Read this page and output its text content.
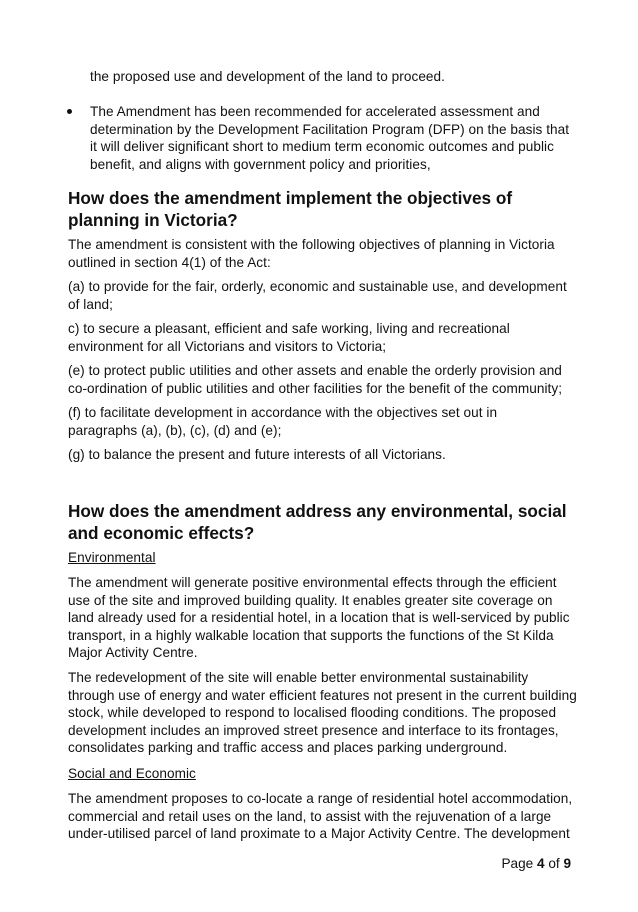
the proposed use and development of the land to proceed.

The Amendment has been recommended for accelerated assessment and determination by the Development Facilitation Program (DFP) on the basis that it will deliver significant short to medium term economic outcomes and public benefit, and aligns with government policy and priorities,

How does the amendment implement the objectives of planning in Victoria?

The amendment is consistent with the following objectives of planning in Victoria outlined in section 4(1) of the Act:

(a) to provide for the fair, orderly, economic and sustainable use, and development of land;

c) to secure a pleasant, efficient and safe working, living and recreational environment for all Victorians and visitors to Victoria;

(e) to protect public utilities and other assets and enable the orderly provision and co-ordination of public utilities and other facilities for the benefit of the community;

(f) to facilitate development in accordance with the objectives set out in paragraphs (a), (b), (c), (d) and (e);

(g) to balance the present and future interests of all Victorians.

How does the amendment address any environmental, social and economic effects?

Environmental

The amendment will generate positive environmental effects through the efficient use of the site and improved building quality. It enables greater site coverage on land already used for a residential hotel, in a location that is well-serviced by public transport, in a highly walkable location that supports the functions of the St Kilda Major Activity Centre.

The redevelopment of the site will enable better environmental sustainability through use of energy and water efficient features not present in the current building stock, while developed to respond to localised flooding conditions. The proposed development includes an improved street presence and interface to its frontages, consolidates parking and traffic access and places parking underground.

Social and Economic

The amendment proposes to co-locate a range of residential hotel accommodation, commercial and retail uses on the land, to assist with the rejuvenation of a large under-utilised parcel of land proximate to a Major Activity Centre. The development

Page 4 of 9
